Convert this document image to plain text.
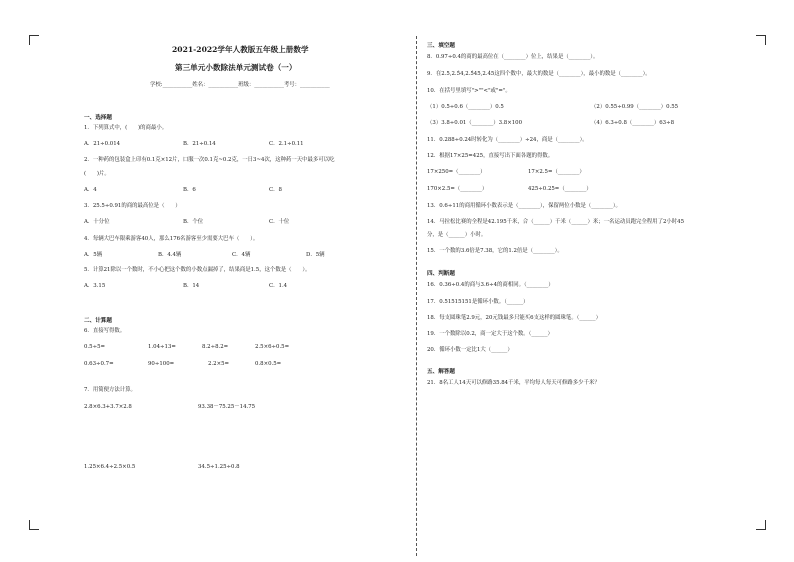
2021-2022学年人教版五年级上册数学
第三单元小数除法单元测试卷（一）
学校:___________姓名：___________班级：___________考号：___________
一、选择题
1．下列算式中，(　　)的商最小。
A．21÷0.014	B．21÷0.14	C．2.1÷0.11
2．一种药的包装盒上印有0.1克×12片，口服一次0.1克~0.2克，一日3~4次，这种药一天中最多可以吃
(　　)片。
A．4	B．6	C．8
3．25.5÷0.91的商的最高位是（　　）
A．十分位	B．个位	C．十位
4．每辆大巴车限乘游客40人，那么176名游客至少需要大巴车（　　）。
A．5辆	B．4.4辆	C．4辆	D．5辆
5．计算21除以一个数时，不小心把这个数的小数点漏掉了，结果商是1.5，这个数是（　　）。
A．3.15	B．14	C．1.4
二、计算题
6．直接写得数。
0.5÷5=	1.04÷13=	8.2÷8.2=	2.5×6÷0.5=
0.63÷0.7=	90÷100=	2.2×5=	0.8×0.5=
7．用简便方法计算。
2.8×6.3+3.7×2.8	93.38－75.25－14.75
1.25×6.4÷2.5×0.5	34.5÷1.25÷0.8
三、填空题
8．0.97÷0.4的商的最高位在（________）位上，结果是（________）。
9．在2.5,2.5̇4,2.5̇45,2.4̇5这四个数中，最大的数是（________），最小的数是（________）。
10．在括号里填写">""<"或"="。
（1）0.5÷0.6（________）0.5	（2）0.55÷0.99（________）0.55
（3）3.8÷0.01（________）3.8×100	（4）6.3÷0.8（________）63÷8
11．0.288÷0.24时转化为（________）÷24，商是（________）。
12．根据17×25=425，直接写出下面各题的得数。
17×250=（________）	17×2.5=（________）
170×2.5=（________）	425÷0.25=（________）
13．0.6÷11的商用循环小数表示是（________），保留两位小数是（________）。
14．马拉松比赛的全程是42.195千米，合（______）千米（______）米；一名运动员跑完全程用了2小时45
分，是（______）小时。
15．一个数的3.6倍是7.38，它的1.2倍是（________）。
四、判断题
16．0.36÷0.4的商与3.6÷4的商相同。（________）
17．0.51515151是循环小数。（______）
18．每支圆珠笔2.9元，20元钱最多只能买6支这样的圆珠笔。（______）
19．一个数除以0.2，商一定大于这个数。（______）
20．循环小数一定比1大（______）
五、解答题
21．8名工人14天可以修路35.84千米，平均每人每天可修路多少千米？
